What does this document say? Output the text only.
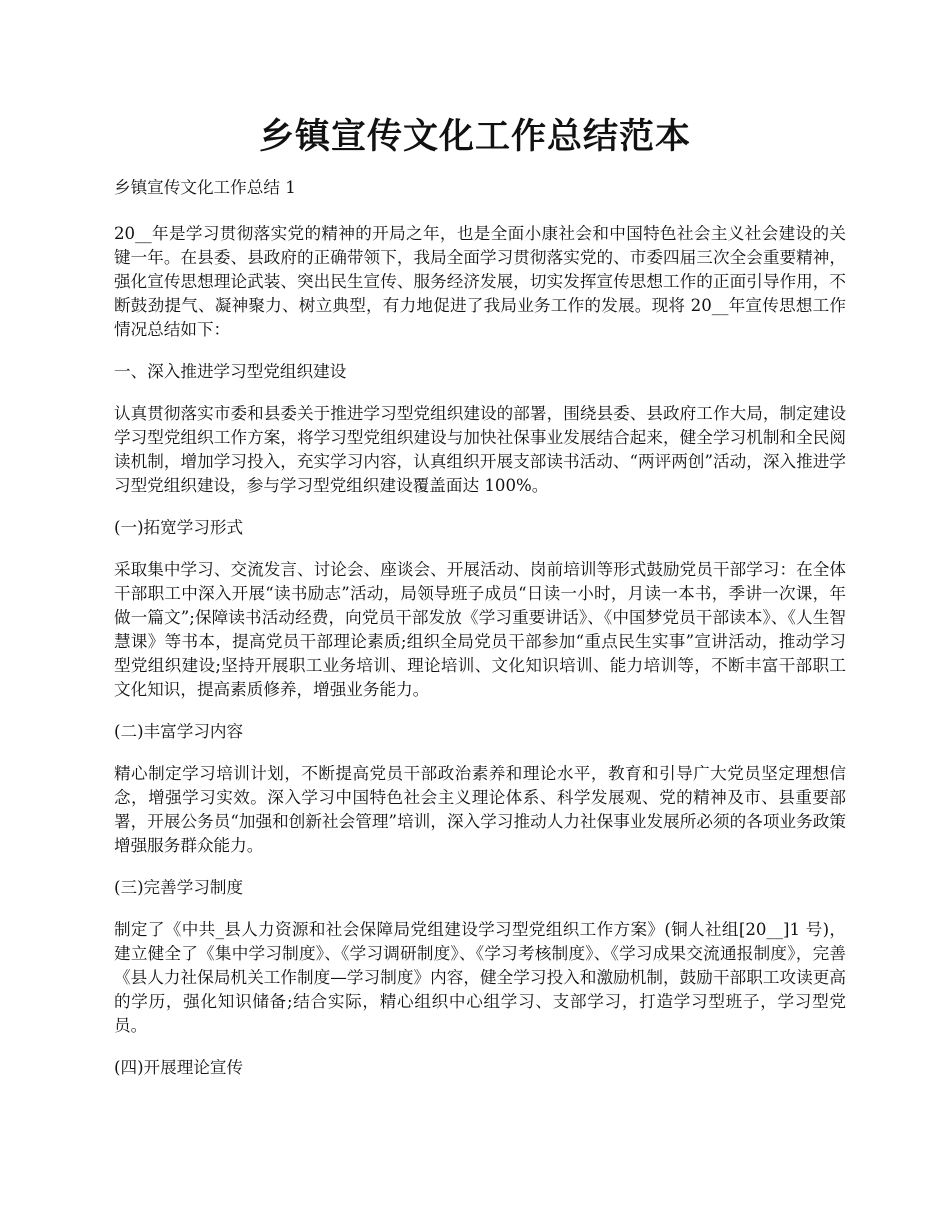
乡镇宣传文化工作总结范本

乡镇宣传文化工作总结 1

20__年是学习贯彻落实党的精神的开局之年，也是全面小康社会和中国特色社会主义社会建设的关键一年。在县委、县政府的正确带领下，我局全面学习贯彻落实党的、市委四届三次全会重要精神，强化宣传思想理论武装、突出民生宣传、服务经济发展，切实发挥宣传思想工作的正面引导作用，不断鼓劲提气、凝神聚力、树立典型，有力地促进了我局业务工作的发展。现将 20__年宣传思想工作情况总结如下：

一、深入推进学习型党组织建设

认真贯彻落实市委和县委关于推进学习型党组织建设的部署，围绕县委、县政府工作大局，制定建设学习型党组织工作方案，将学习型党组织建设与加快社保事业发展结合起来，健全学习机制和全民阅读机制，增加学习投入，充实学习内容，认真组织开展支部读书活动、“两评两创”活动，深入推进学习型党组织建设，参与学习型党组织建设覆盖面达 100%。

(一)拓宽学习形式

采取集中学习、交流发言、讨论会、座谈会、开展活动、岗前培训等形式鼓励党员干部学习：在全体干部职工中深入开展“读书励志”活动，局领导班子成员“日读一小时，月读一本书，季讲一次课，年做一篇文”;保障读书活动经费，向党员干部发放《学习重要讲话》、《中国梦党员干部读本》、《人生智慧课》等书本，提高党员干部理论素质;组织全局党员干部参加“重点民生实事”宣讲活动，推动学习型党组织建设;坚持开展职工业务培训、理论培训、文化知识培训、能力培训等，不断丰富干部职工文化知识，提高素质修养，增强业务能力。

(二)丰富学习内容

精心制定学习培训计划，不断提高党员干部政治素养和理论水平，教育和引导广大党员坚定理想信念，增强学习实效。深入学习中国特色社会主义理论体系、科学发展观、党的精神及市、县重要部署，开展公务员“加强和创新社会管理”培训，深入学习推动人力社保事业发展所必须的各项业务政策增强服务群众能力。

(三)完善学习制度

制定了《中共_县人力资源和社会保障局党组建设学习型党组织工作方案》(铜人社组[20__]1 号)，建立健全了《集中学习制度》、《学习调研制度》、《学习考核制度》、《学习成果交流通报制度》，完善《县人力社保局机关工作制度—学习制度》内容，健全学习投入和激励机制，鼓励干部职工攻读更高的学历，强化知识储备;结合实际，精心组织中心组学习、支部学习，打造学习型班子，学习型党员。

(四)开展理论宣传
